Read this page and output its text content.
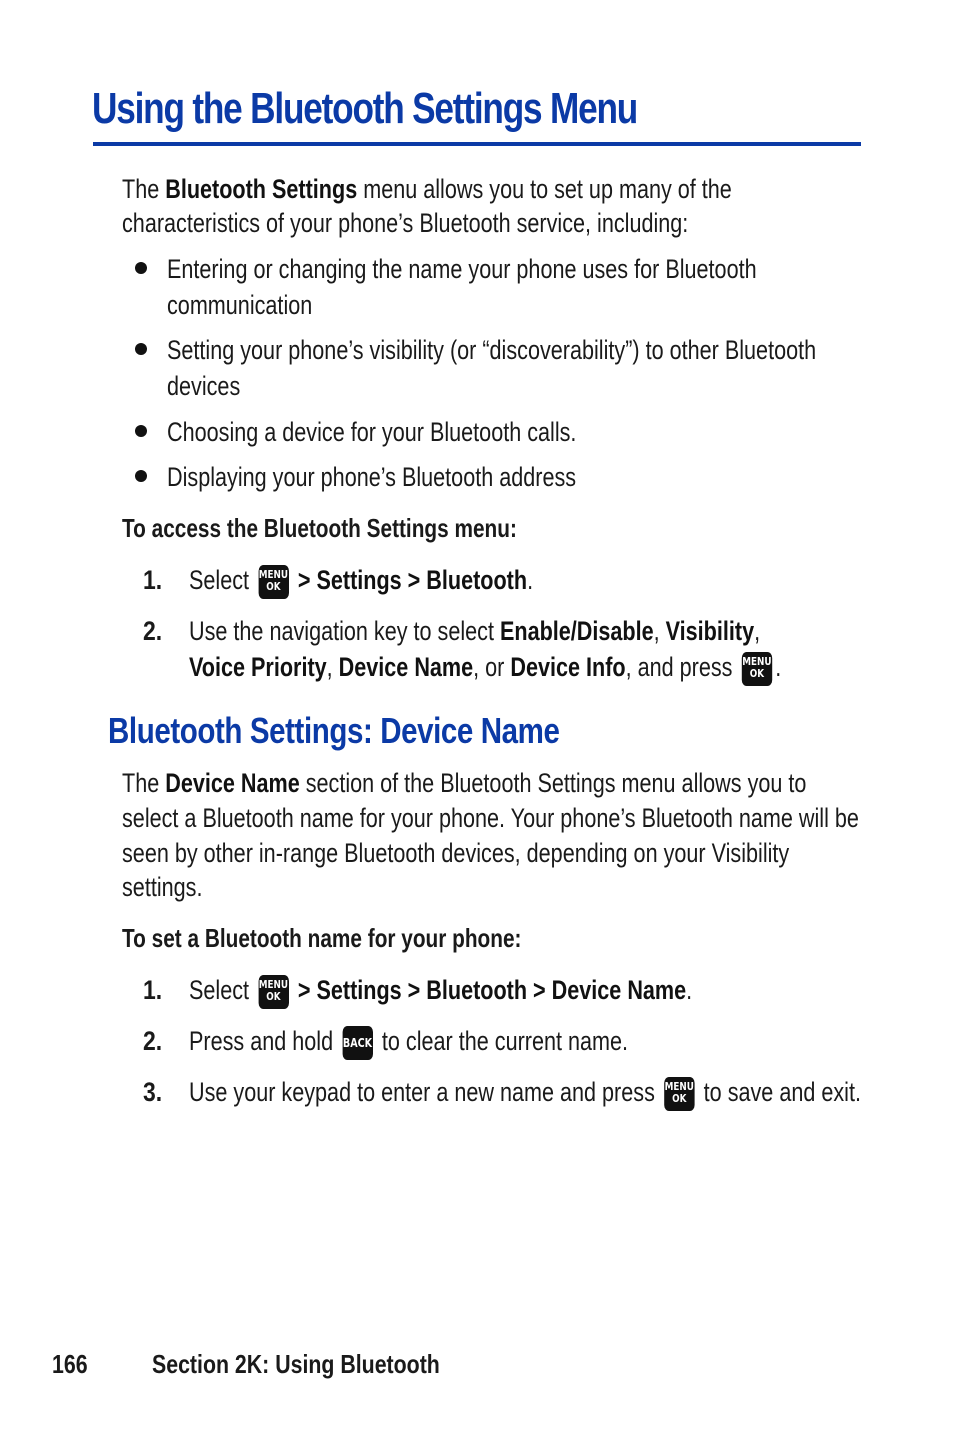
Using the Bluetooth Settings Menu
The Bluetooth Settings menu allows you to set up many of the
characteristics of your phone’s Bluetooth service, including:
Entering or changing the name your phone uses for Bluetooth
communication
Setting your phone’s visibility (or “discoverability”) to other Bluetooth
devices
Choosing a device for your Bluetooth calls.
Displaying your phone’s Bluetooth address
To access the Bluetooth Settings menu:
1. Select MENU
OK > Settings > Bluetooth.
2. Use the navigation key to select Enable/Disable, Visibility,
Voice Priority, Device Name, or Device Info, and press MENU
OK .
Bluetooth Settings: Device Name
The Device Name section of the Bluetooth Settings menu allows you to
select a Bluetooth name for your phone. Your phone’s Bluetooth name will be
seen by other in-range Bluetooth devices, depending on your Visibility
settings.
To set a Bluetooth name for your phone:
1. Select MENU
OK > Settings > Bluetooth > Device Name.
2. Press and hold BACK to clear the current name.
3. Use your keypad to enter a new name and press MENU
OK to save and exit.
166 Section 2K: Using Bluetooth
